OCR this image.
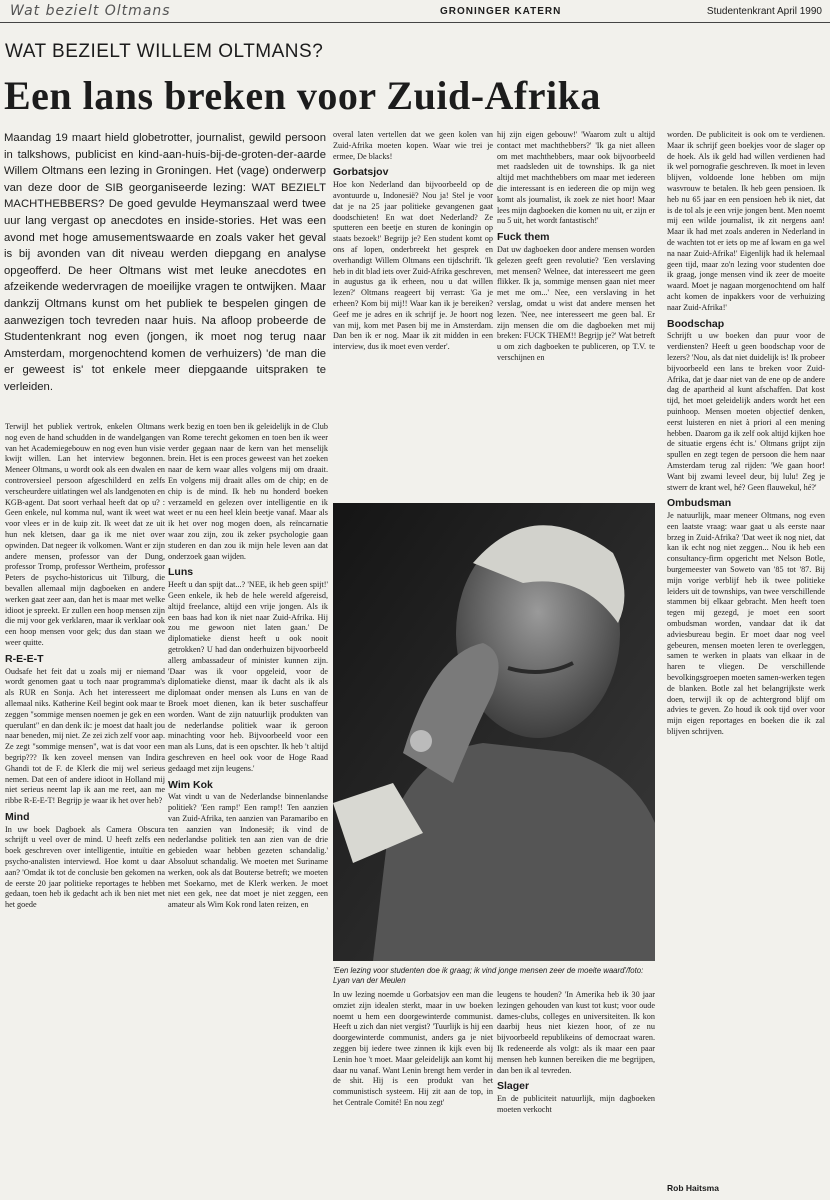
Wat bezielt Oltmans	GRONINGER KATERN	Studentenkrant April 1990
WAT BEZIELT WILLEM OLTMANS?
Een lans breken voor Zuid-Afrika
Maandag 19 maart hield globetrotter, journalist, gewild persoon in talkshows, publicist en kind-aan-huis-bij-de-groten-der-aarde Willem Oltmans een lezing in Groningen. Het (vage) onderwerp van deze door de SIB georganiseerde lezing: WAT BEZIELT MACHTHEBBERS? De goed gevulde Heymanszaal werd twee uur lang vergast op anecdotes en inside-stories. Het was een avond met hoge amusementswaarde en zoals vaker het geval is bij avonden van dit niveau werden diepgang en analyse opgeofferd. De heer Oltmans wist met leuke anecdotes en afzeikende wedervragen de moeilijke vragen te ontwijken. Maar dankzij Oltmans kunst om het publiek te bespelen gingen de aanwezigen toch tevreden naar huis. Na afloop probeerde de Studentenkrant nog even (jongen, ik moet nog terug naar Amsterdam, morgenochtend komen de verhuizers) 'de man die er geweest is' tot enkele meer diepgaande uitspraken te verleiden.

Terwijl het publiek vertrok, enkelen Oltmans nog even de hand schudden in de wandelgangen van het Academiegebouw en nog even hun visie kwijt willen. Lan het interview begonnen. Meneer Oltmans, u wordt ook als een dwalen en controversieel persoon afgeschilderd en zelfs verscheurdere uitlatingen wel als landgenoten en KGB-agent. Dat soort verhaal heeft dat op u? : Geen enkele, nul komma nul, want ik weet wat voor vlees er in de kuip zit. Ik weet dat ze uit hun nek kletsen, daar ga ik me niet over opwinden. Dat negeer ik volkomen. Want er zijn andere mensen, professor van der Dung, professor Tromp, professor Wertheim, professor Peters de psycho-historicus uit Tilburg, die bevallen allemaal mijn dagboeken en andere werken gaat zeer aan, dan het is maar met welke idioot je spreekt. Er zullen een hoop mensen zijn die mij voor gek verklaren, maar ik verklaar ook een hoop mensen voor gek; dus dan staan we weer quitte.

R-E-E-T

Oudsafe het feit dat u zoals mij er niemand wordt genomen gaat u toch naar programma's als RUR en Sonja. Ach het interesseert me allemaal niks. Katherine Keil begint ook maar te zeggen "sommige mensen noemen je gek en een querulant" en dan denk ik: je moest dat haalt jou naar beneden, mij niet. Ze zei zich zelf voor aap. Ze zegt "sommige mensen", wat is dat voor een begrip??? Ik ken zoveel mensen van Indira Ghandi tot de F. de Klerk die mij wel serieus nemen. Dat een of andere idioot in Holland mij niet serieus neemt lap ik aan me reet, aan me ribbe R-E-E-T! Begrijp je waar ik het over heb?

Mind

In uw boek Dagboek als Camera Obscura schrijft u veel over de mind. U heeft zelfs een boek geschreven over intelligentie, intuïtie en psycho-analisten interviewd. Hoe komt u daar aan? 'Omdat ik tot de conclusie ben gekomen na de eerste 20 jaar politieke reportages te hebben gedaan, toen heb ik gedacht ach ik ben niet met het goede

werk bezig en toen ben ik geleidelijk in de Club van Rome terecht gekomen en toen ben ik weer verder gegaan naar de kern van het menselijk brein. Het is een proces geweest van het zoeken naar de kern waar alles volgens mij om draait. En volgens mij draait alles om de chip; en de chip is de mind. Ik heb nu honderd boeken verzameld en gelezen over intelligentie en ik weet er nu een heel klein beetje vanaf. Maar als ik het over nog mogen doen, als reïncarnatie waar zou zijn, zou ik zeker psychologie gaan studeren en dan zou ik mijn hele leven aan dat onderzoek gaan wijden.

Luns

Heeft u dan spijt dat...? 'NEE, ik heb geen spijt!' Geen enkele, ik heb de hele wereld afgereisd, altijd freelance, altijd een vrije jongen. Als ik een baas had kon ik niet naar Zuid-Afrika. Hij zou me gewoon niet laten gaan.' De diplomatieke dienst heeft u ook nooit getrokken? U had dan onderhuizen bijvoorbeeld allerg ambassadeur of minister kunnen zijn. 'Daar was ik voor opgeleid, voor de diplomatieke dienst, maar ik dacht als ik als diplomaat onder mensen als Luns en van de Broek moet dienen, kan ik beter suschaffeur worden. Want de zijn natuurlijk produkten van de nederlandse politiek waar ik geroon minachting voor heb. Bijvoorbeeld voor een man als Luns, dat is een opschter. Ik heb 't altijd geschreven en heel ook voor de Hoge Raad gedaagd met zijn leugens.'

Wim Kok

Wat vindt u van de Nederlandse binnenlandse politiek? 'Een ramp!' Een ramp!! Ten aanzien van Zuid-Afrika, ten aanzien van Paramaribo en ten aanzien van Indonesië; ik vind de nederlandse politiek ten aan zien van de drie gebieden waar hebben gezeten schandalig.' Absoluut schandalig. We moeten met Suriname werken, ook als dat Bouterse betreft; we moeten met Soekarno, met de Klerk werken. Je moet niet een gek, nee dat moet je niet zeggen, een amateur als Wim Kok rond laten reizen, en

overal laten vertellen dat we geen kolen van Zuid-Afrika moeten kopen. Waar wie trei je ermee, De blacks!

Gorbatsjov

Hoe kon Nederland dan bijvoorbeeld op de avontuurde u, Indonesië? Nou ja! Stel je voor dat je na 25 jaar politieke gevangenen gaat doodschieten! En wat doet Nederland? Ze sputteren een beetje en sturen de koningin op staats bezoek!' Begrijp je? Een student komt op ons af lopen, onderbreekt het gesprek en overhandigt Willem Oltmans een tijdschrift. 'Ik heb in dit blad iets over Zuid-Afrika geschreven, in augustus ga ik erheen, nou u dat willen lezen?' Oltmans reageert bij verrast: 'Ga je erheen? Kom bij mij!! Waar kan ik je bereiken? Geef me je adres en ik schrijf je. Je hoort nog van mij, kom met Pasen bij me in Amsterdam. Dan ben ik er nog. Maar ik zit midden in een interview, dus ik moet even verder'.

hij zijn eigen gebouw!' 'Waarom zult u altijd contact met machthebbers?' 'Ik ga niet alleen om met machthebbers, maar ook bijvoorbeeld met raadsleden uit de townships. Ik ga niet altijd met machthebbers om maar met iedereen die interessant is en iedereen die op mijn weg komt als journalist, ik zoek ze niet hoor! Maar lees mijn dagboeken die komen nu uit, er zijn er nu 5 uit, het wordt fantastisch!'

Fuck them

Dat uw dagboeken door andere mensen worden gelezen geeft geen revolutie? 'Een verslaving met mensen? Welnee, dat interesseert me geen flikker. Ik ja, sommige mensen gaan niet meer met me om...' Nee, een verslaving in het verslag, omdat u wist dat andere mensen het lezen. 'Nee, nee interesseert me geen bal. Er zijn mensen die om die dagboeken met mij breken: FUCK THEM!! Begrijp je?' Wat betreft u om zich dagboeken te publiceren, op T.V. te verschijnen en

'Een lezing voor studenten doe ik graag; ik vind jonge mensen zeer de moeite waard'/foto: Lyan van der Meulen

In uw lezing noemde u Gorbatsjov een man die omziet zijn idealen sterkt, maar in uw boeken noemt u hem een doorgewinterde communist. Heeft u zich dan niet vergist? 'Tuurlijk is hij een doorgewinterde communist, anders ga je niet zeggen bij iedere twee zinnen ik kijk even bij Lenin hoe 't moet. Maar geleidelijk aan komt hij daar nu vanaf. Want Lenin brengt hem verder in de shit. Hij is een produkt van het communistisch systeem. Hij zit aan de top, in het Centrale Comité! En nou zegt'

leugens te houden? 'In Amerika heb ik 30 jaar lezingen gehouden van kust tot kust; voor oude dames-clubs, colleges en universiteiten. Ik kon daarbij heus niet kiezen hoor, of ze nu bijvoorbeeld republikeins of democraat waren. Ik redeneerde als volgt: als ik maar een paar mensen heb kunnen bereiken die me begrijpen, dan ben ik al tevreden.

Slager

En de publiciteit natuurlijk, mijn dagboeken moeten verkocht

worden. De publiciteit is ook om te verdienen. Maar ik schrijf geen boekjes voor de slager op de hoek. Als ik geld had willen verdienen had ik wel pornografie geschreven. Ik moet in leven blijven, voldoende lone hebben om mijn wasvrouw te betalen. Ik heb geen pensioen. Ik heb nu 65 jaar en een pensioen heb ik niet, dat is de tol als je een vrije jongen bent. Men noemt mij een wilde journalist, ik zit nergens aan! Maar ik had met zoals anderen in Nederland in de wachten tot er iets op me af kwam en ga wel na naar Zuid-Afrika!' Eigenlijk had ik helemaal geen tijd, maar zo'n lezing voor studenten doe ik graag, jonge mensen vind ik zeer de moeite waard. Moet je nagaan morgenochtend om half acht komen de inpakkers voor de verhuizing naar Zuid-Afrika!'

Boodschap

Schrijft u uw boeken dan puur voor de verdiensten? Heeft u geen boodschap voor de lezers? 'Nou, als dat niet duidelijk is! Ik probeer bijvoorbeeld een lans te breken voor Zuid-Afrika, dat je daar niet van de ene op de andere dag de apartheid al kunt afschaffen. Dat kost tijd, het moet geleidelijk anders wordt het een puinhoop. Mensen moeten objectief denken, eerst luisteren en niet à priori al een mening hebben. Daarom ga ik zelf ook altijd kijken hoe de situatie ergens écht is.' Oltmans grijpt zijn spullen en zegt tegen de persoon die hem naar Amsterdam terug zal rijden: 'We gaan hoor! Want bij zwami leveel deur, bij lulu! Zeg je stwerr de krant wel, hé? Geen flauwekul, hé?'

Ombudsman

Je natuurlijk, maar meneer Oltmans, nog even een laatste vraag: waar gaat u als eerste naar brzeg in Zuid-Afrika? 'Dat weet ik nog niet, dat kan ik echt nog niet zeggen... Nou ik heb een consultancy-firm opgericht met Nelson Botle, burgemeester van Soweto van '85 tot '87. Bij mijn vorige verblijf heb ik twee politieke leiders uit de townships, van twee verschillende stammen bij elkaar gebracht. Men heeft toen tegen mij gezegd, je moet een soort ombudsman worden, vandaar dat ik dat adviesbureau begin. Er moet daar nog veel gebeuren, mensen moeten leren te overleggen, samen te werken in plaats van elkaar in de haren te vliegen. De verschillende bevolkingsgroepen moeten samen-werken tegen de blanken. Botle zal het belangrijkste werk doen, terwijl ik op de achtergrond blijf om advies te geven. Zo houd ik ook tijd over voor mijn eigen reportages en boeken die ik zal blijven schrijven.

Rob Haitsma
